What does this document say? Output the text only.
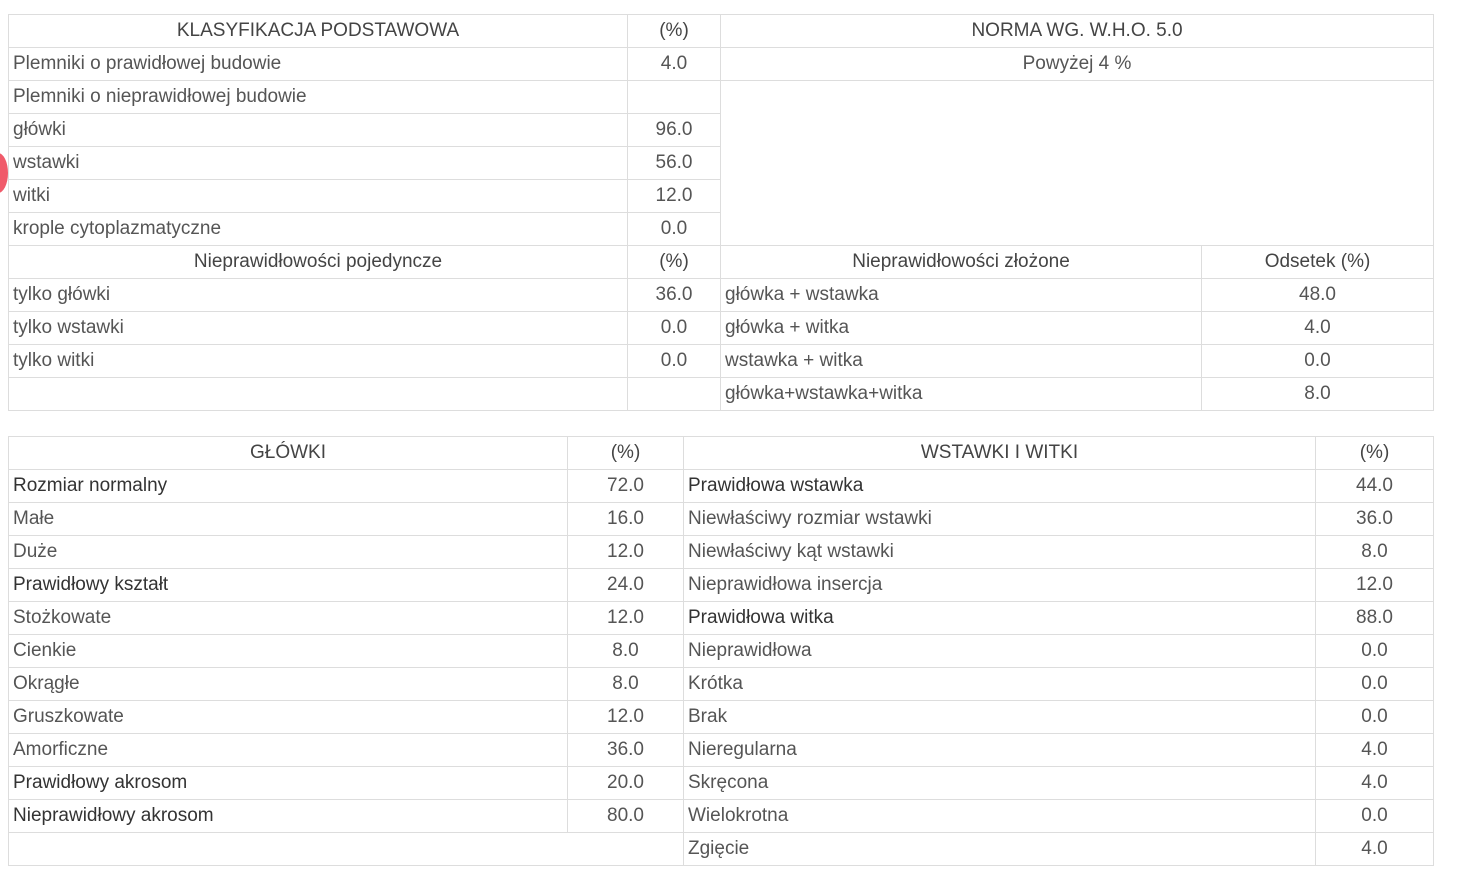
KLASYFIKACJA PODSTAWOWA	(%)	NORMA WG. W.H.O. 5.0	
Plemniki o prawidłowej budowie	4.0	Powyżej 4 %	
Plemniki o nieprawidłowej budowie			
główki	96.0		
wstawki	56.0		
witki	12.0		
krople cytoplazmatyczne	0.0		
Nieprawidłowości pojedyncze	(%)	Nieprawidłowości złożone	Odsetek (%)
tylko główki	36.0	główka + wstawka	48.0
tylko wstawki	0.0	główka + witka	4.0
tylko witki	0.0	wstawka + witka	0.0
		główka+wstawka+witka	8.0
GŁÓWKI	(%)	WSTAWKI I WITKI	(%)
Rozmiar normalny	72.0	Prawidłowa wstawka	44.0
Małe	16.0	Niewłaściwy rozmiar wstawki	36.0
Duże	12.0	Niewłaściwy kąt wstawki	8.0
Prawidłowy kształt	24.0	Nieprawidłowa insercja	12.0
Stożkowate	12.0	Prawidłowa witka	88.0
Cienkie	8.0	Nieprawidłowa	0.0
Okrągłe	8.0	Krótka	0.0
Gruszkowate	12.0	Brak	0.0
Amorficzne	36.0	Nieregularna	4.0
Prawidłowy akrosom	20.0	Skręcona	4.0
Nieprawidłowy akrosom	80.0	Wielokrotna	0.0
		Zgięcie	4.0
